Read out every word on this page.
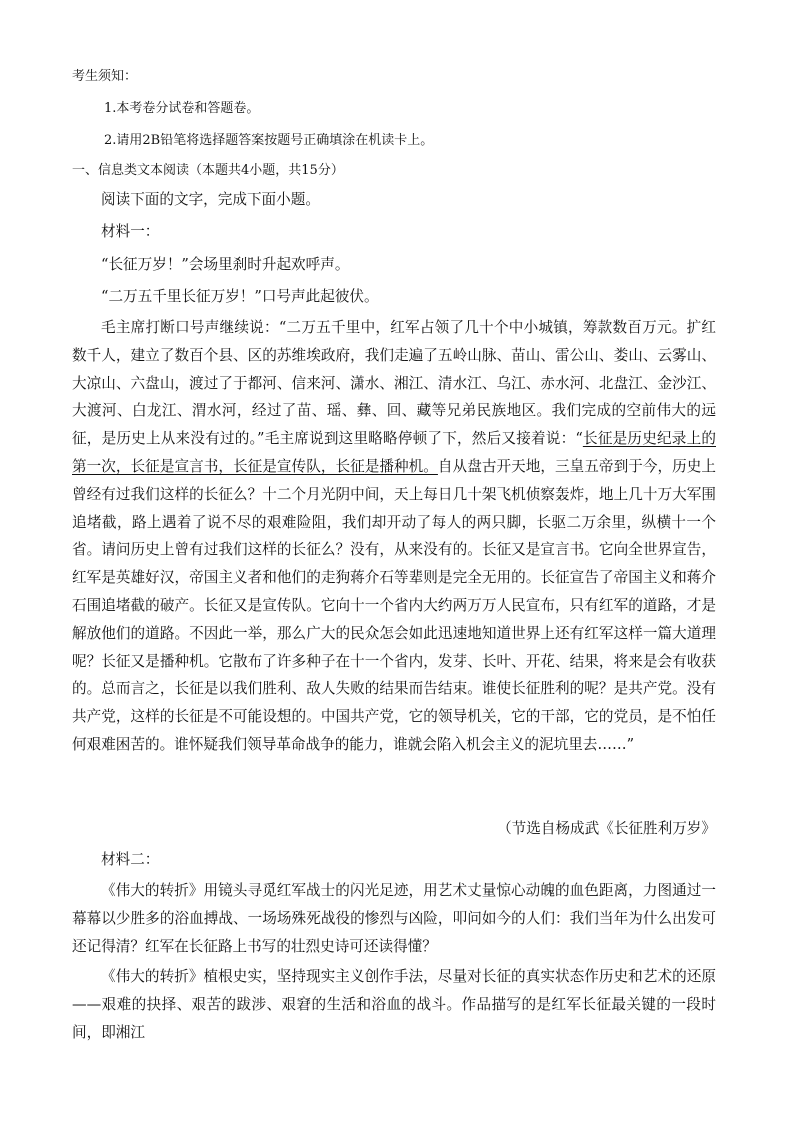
考生须知：
1.本考卷分试卷和答题卷。
2.请用2B铅笔将选择题答案按题号正确填涂在机读卡上。
一、信息类文本阅读（本题共4小题，共15分）
阅读下面的文字，完成下面小题。
材料一：
“长征万岁！”会场里刹时升起欢呼声。
“二万五千里长征万岁！”口号声此起彼伏。
毛主席打断口号声继续说：“二万五千里中，红军占领了几十个中小城镇，筹款数百万元。扩红数千人，建立了数百个县、区的苏维埃政府，我们走遍了五岭山脉、苗山、雷公山、娄山、云雾山、大凉山、六盘山，渡过了于都河、信来河、潇水、湘江、清水江、乌江、赤水河、北盘江、金沙江、大渡河、白龙江、渭水河，经过了苗、瑶、彝、回、藏等兄弟民族地区。我们完成的空前伟大的远征，是历史上从来没有过的。”毛主席说到这里略略停顿了下，然后又接着说：“长征是历史纪录上的第一次，长征是宣言书，长征是宣传队，长征是播种机。自从盘古开天地，三皇五帝到于今，历史上曾经有过我们这样的长征么？十二个月光阴中间，天上每日几十架飞机侦察轰炸，地上几十万大军围追堵截，路上遇着了说不尽的艰难险阻，我们却开动了每人的两只脚，长驱二万余里，纵横十一个省。请问历史上曾有过我们这样的长征么？没有，从来没有的。长征又是宣言书。它向全世界宣告，红军是英雄好汉，帝国主义者和他们的走狗蒋介石等辈则是完全无用的。长征宣告了帝国主义和蒋介石围追堵截的破产。长征又是宣传队。它向十一个省内大约两万万人民宣布，只有红军的道路，才是解放他们的道路。不因此一举，那么广大的民众怎会如此迅速地知道世界上还有红军这样一篇大道理呢？长征又是播种机。它散布了许多种子在十一个省内，发芽、长叶、开花、结果，将来是会有收获的。总而言之，长征是以我们胜利、敌人失败的结果而告结束。谁使长征胜利的呢？是共产党。没有共产党，这样的长征是不可能设想的。中国共产党，它的领导机关，它的干部，它的党员，是不怕任何艰难困苦的。谁怀疑我们领导革命战争的能力，谁就会陷入机会主义的泥坑里去……”
（节选自杨成武《长征胜利万岁》
材料二：
《伟大的转折》用镜头寻觅红军战士的闪光足迹，用艺术丈量惊心动魄的血色距离，力图通过一幕幕以少胜多的浴血搏战、一场场殊死战役的惨烈与凶险，叩问如今的人们：我们当年为什么出发可还记得清？红军在长征路上书写的壮烈史诗可还读得懂？
《伟大的转折》植根史实，坚持现实主义创作手法，尽量对长征的真实状态作历史和艺术的还原——艰难的抉择、艰苦的跋涉、艰窘的生活和浴血的战斗。作品描写的是红军长征最关键的一段时间，即湘江
